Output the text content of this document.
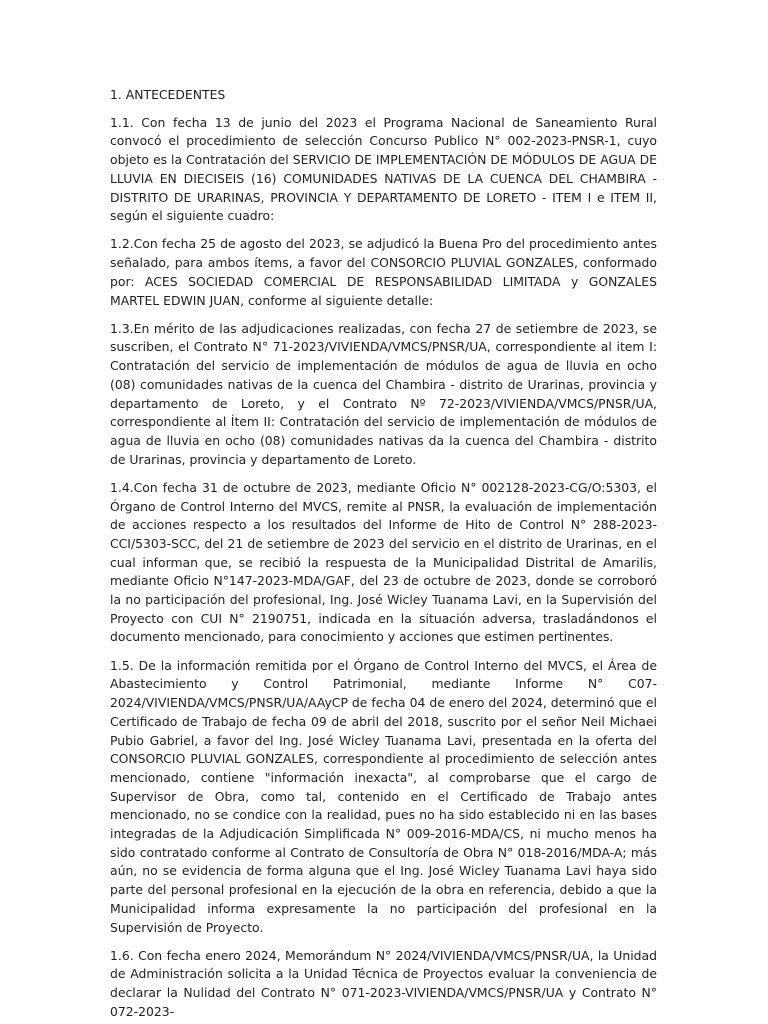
1. ANTECEDENTES

1.1. Con fecha 13 de junio del 2023 el Programa Nacional de Saneamiento Rural convocó el procedimiento de selección Concurso Publico N° 002-2023-PNSR-1, cuyo objeto es la Contratación del SERVICIO DE IMPLEMENTACIÓN DE MÓDULOS DE AGUA DE LLUVIA EN DIECISEIS (16) COMUNIDADES NATIVAS DE LA CUENCA DEL CHAMBIRA - DISTRITO DE URARINAS, PROVINCIA Y DEPARTAMENTO DE LORETO - ITEM I e ITEM II, según el siguiente cuadro:

1.2.Con fecha 25 de agosto del 2023, se adjudicó la Buena Pro del procedimiento antes señalado, para ambos ítems, a favor del CONSORCIO PLUVIAL GONZALES, conformado por: ACES SOCIEDAD COMERCIAL DE RESPONSABILIDAD LIMITADA y GONZALES MARTEL EDWIN JUAN, conforme al siguiente detalle:

1.3.En mérito de las adjudicaciones realizadas, con fecha 27 de setiembre de 2023, se suscriben, el Contrato N° 71-2023/VIVIENDA/VMCS/PNSR/UA, correspondiente al item I: Contratación del servicio de implementación de módulos de agua de lluvia en ocho (08) comunidades nativas de la cuenca del Chambira - distrito de Urarinas, provincia y departamento de Loreto, y el Contrato Nº 72-2023/VIVIENDA/VMCS/PNSR/UA, correspondiente al Ítem II: Contratación del servicio de implementación de módulos de agua de lluvia en ocho (08) comunidades nativas da la cuenca del Chambira - distrito de Urarinas, provincia y departamento de Loreto.

1.4.Con fecha 31 de octubre de 2023, mediante Oficio N° 002128-2023-CG/O:5303, el Órgano de Control Interno del MVCS, remite al PNSR, la evaluación de implementación de acciones respecto a los resultados del Informe de Hito de Control N° 288-2023-CCI/5303-SCC, del 21 de setiembre de 2023 del servicio en el distrito de Urarinas, en el cual informan que, se recibió la respuesta de la Municipalidad Distrital de Amarilis, mediante Oficio N°147-2023-MDA/GAF, del 23 de octubre de 2023, donde se corroboró la no participación del profesional, Ing. José Wicley Tuanama Lavi, en la Supervisión del Proyecto con CUI N° 2190751, indicada en la situación adversa, trasladándonos el documento mencionado, para conocimiento y acciones que estimen pertinentes.

1.5. De la información remitida por el Órgano de Control Interno del MVCS, el Área de Abastecimiento y Control Patrimonial, mediante Informe N° C07-2024/VIVIENDA/VMCS/PNSR/UA/AAyCP de fecha 04 de enero del 2024, determinó que el Certificado de Trabajo de fecha 09 de abril del 2018, suscrito por el señor Neil Michaei Pubio Gabriel, a favor del Ing. José Wicley Tuanama Lavi, presentada en la oferta del CONSORCIO PLUVIAL GONZALES, correspondiente al procedimiento de selección antes mencionado, contiene "información inexacta", al comprobarse que el cargo de Supervisor de Obra, como tal, contenido en el Certificado de Trabajo antes mencionado, no se condice con la realidad, pues no ha sido establecido ni en las bases integradas de la Adjudicación Simplificada N° 009-2016-MDA/CS, ni mucho menos ha sido contratado conforme al Contrato de Consultoría de Obra N° 018-2016/MDA-A; más aún, no se evidencia de forma alguna que el Ing. José Wicley Tuanama Lavi haya sido parte del personal profesional en la ejecución de la obra en referencia, debido a que la Municipalidad informa expresamente la no participación del profesional en la Supervisión de Proyecto.

1.6. Con fecha enero 2024, Memorándum N° 2024/VIVIENDA/VMCS/PNSR/UA, la Unidad de Administración solicita a la Unidad Técnica de Proyectos evaluar la conveniencia de declarar la Nulidad del Contrato N° 071-2023-VIVIENDA/VMCS/PNSR/UA y Contrato N° 072-2023-
